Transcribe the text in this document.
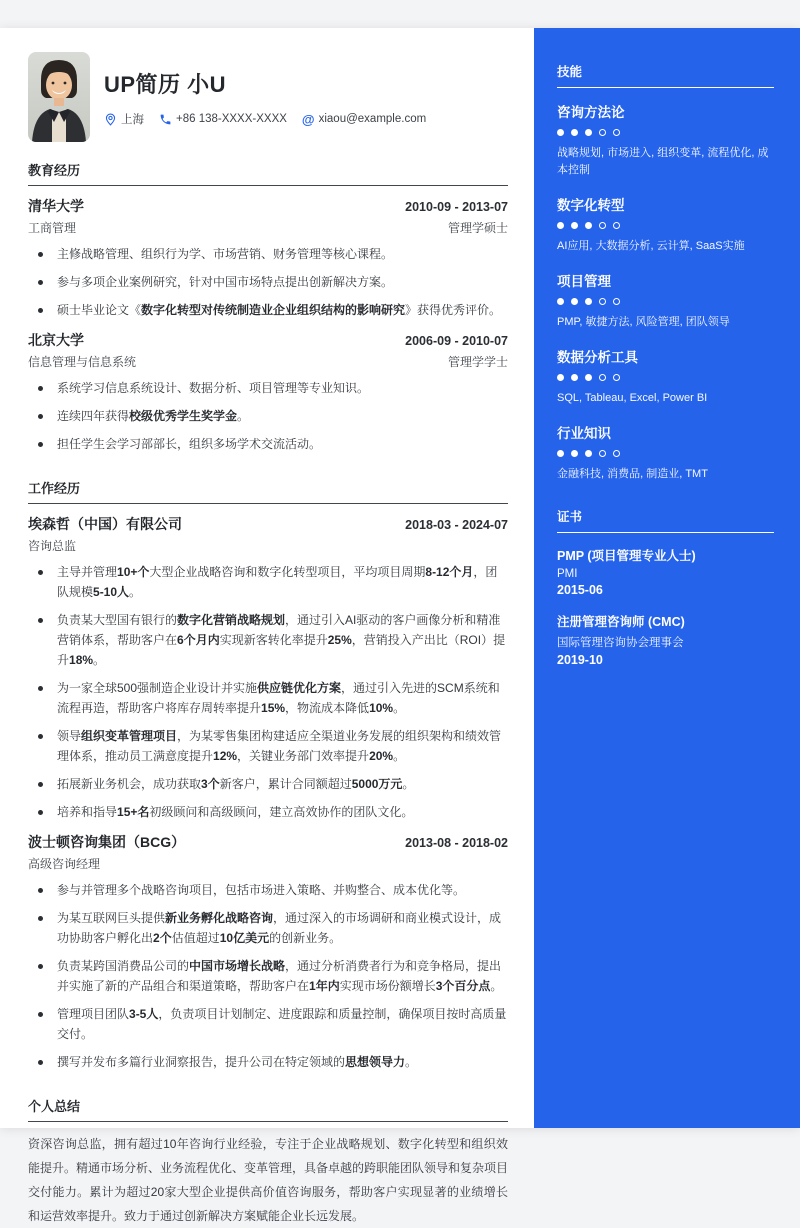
UP简历 小U
上海	+86 138-XXXX-XXXX @ xiaou@example.com
教育经历
清华大学	2010-09 - 2013-07
工商管理	管理学硕士
主修战略管理、组织行为学、市场营销、财务管理等核心课程。
参与多项企业案例研究，针对中国市场特点提出创新解决方案。
硕士毕业论文《数字化转型对传统制造业企业组织结构的影响研究》获得优秀评价。
北京大学	2006-09 - 2010-07
信息管理与信息系统	管理学学士
系统学习信息系统设计、数据分析、项目管理等专业知识。
连续四年获得校级优秀学生奖学金。
担任学生会学习部部长，组织多场学术交流活动。
工作经历
埃森哲（中国）有限公司	2018-03 - 2024-07
咨询总监
主导并管理10+个大型企业战略咨询和数字化转型项目，平均项目周期8-12个月，团队规模5-10人。
负责某大型国有银行的数字化营销战略规划，通过引入AI驱动的客户画像分析和精准营销体系，帮助客户在6个月内实现新客转化率提升25%，营销投入产出比（ROI）提升18%。
为一家全球500强制造企业设计并实施供应链优化方案，通过引入先进的SCM系统和流程再造，帮助客户将库存周转率提升15%，物流成本降低10%。
领导组织变革管理项目，为某零售集团构建适应全渠道业务发展的组织架构和绩效管理体系，推动员工满意度提升12%，关键业务部门效率提升20%。
拓展新业务机会，成功获取3个新客户，累计合同额超过5000万元。
培养和指导15+名初级顾问和高级顾问，建立高效协作的团队文化。
波士顿咨询集团（BCG）	2013-08 - 2018-02
高级咨询经理
参与并管理多个战略咨询项目，包括市场进入策略、并购整合、成本优化等。
为某互联网巨头提供新业务孵化战略咨询，通过深入的市场调研和商业模式设计，成功协助客户孵化出2个估值超过10亿美元的创新业务。
负责某跨国消费品公司的中国市场增长战略，通过分析消费者行为和竞争格局，提出并实施了新的产品组合和渠道策略，帮助客户在1年内实现市场份额增长3个百分点。
管理项目团队3-5人，负责项目计划制定、进度跟踪和质量控制，确保项目按时高质量交付。
撰写并发布多篇行业洞察报告，提升公司在特定领域的思想领导力。
个人总结

资深咨询总监，拥有超过10年咨询行业经验，专注于企业战略规划、数字化转型和组织效能提升。精通市场分析、业务流程优化、变革管理，具备卓越的跨职能团队领导和复杂项目交付能力。累计为超过20家大型企业提供高价值咨询服务，帮助客户实现显著的业绩增长和运营效率提升。致力于通过创新解决方案赋能企业长远发展。

技能
咨询方法论
战略规划, 市场进入, 组织变革, 流程优化, 成本控制
数字化转型
AI应用, 大数据分析, 云计算, SaaS实施
项目管理
PMP, 敏捷方法, 风险管理, 团队领导
数据分析工具
SQL, Tableau, Excel, Power BI
行业知识
金融科技, 消费品, 制造业, TMT
证书
PMP (项目管理专业人士)
PMI
2015-06
注册管理咨询师 (CMC)
国际管理咨询协会理事会
2019-10
